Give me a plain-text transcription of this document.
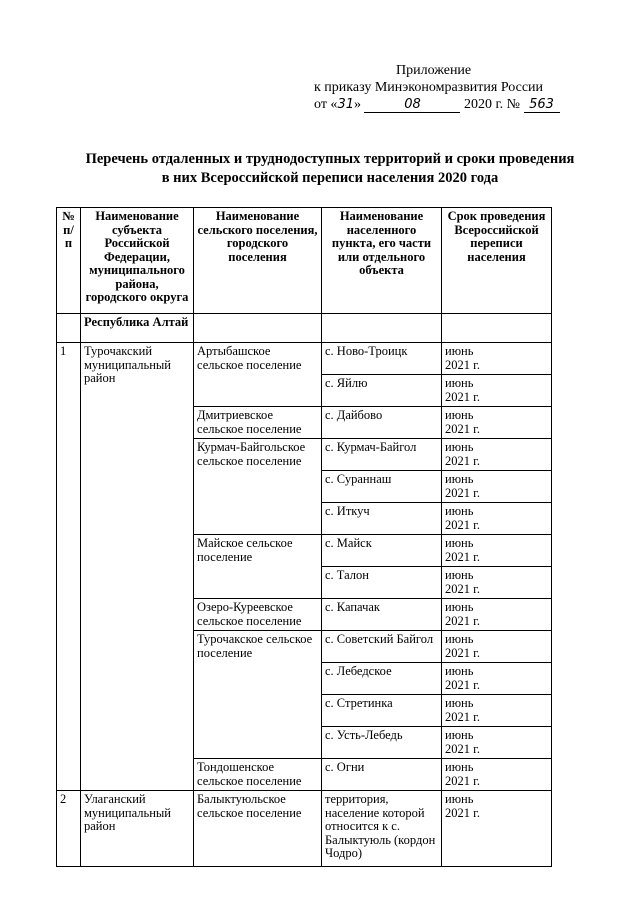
Приложение
к приказу Минэкономразвития России
от «31»	08	2020 г. № 563
Перечень отдаленных и труднодоступных территорий и сроки проведения
в них Всероссийской переписи населения 2020 года
№ п/п	Наименование субъекта Российской Федерации, муниципального района, городского округа	Наименование сельского поселения, городского поселения	Наименование населенного пункта, его части или отдельного объекта	Срок проведения Всероссийской переписи населения
	Республика Алтай			
1	Турочакский муниципальный район	Артыбашское сельское поселение	с. Ново-Троицк	июнь
2021 г.

			с. Яйлю	июнь
2021 г.

		Дмитриевское сельское поселение	с. Дайбово	июнь
2021 г.

		Курмач-Байгольское сельское поселение	с. Курмач-Байгол	июнь
2021 г.

			с. Сураннаш	июнь
2021 г.

			с. Иткуч	июнь
2021 г.

		Майское сельское поселение	с. Майск	июнь
2021 г.

			с. Талон	июнь
2021 г.

		Озеро-Куреевское сельское поселение	с. Капачак	июнь
2021 г.

		Турочакское сельское поселение	с. Советский Байгол	июнь
2021 г.

			с. Лебедское	июнь
2021 г.

			с. Стретинка	июнь
2021 г.

			с. Усть-Лебедь	июнь
2021 г.

		Тондошенское сельское поселение	с. Огни	июнь
2021 г.

2	Улаганский муниципальный район	Балыктуюльское сельское поселение	территория, население которой относится к с. Балыктуюль (кордон Чодро)	июнь
2021 г.
